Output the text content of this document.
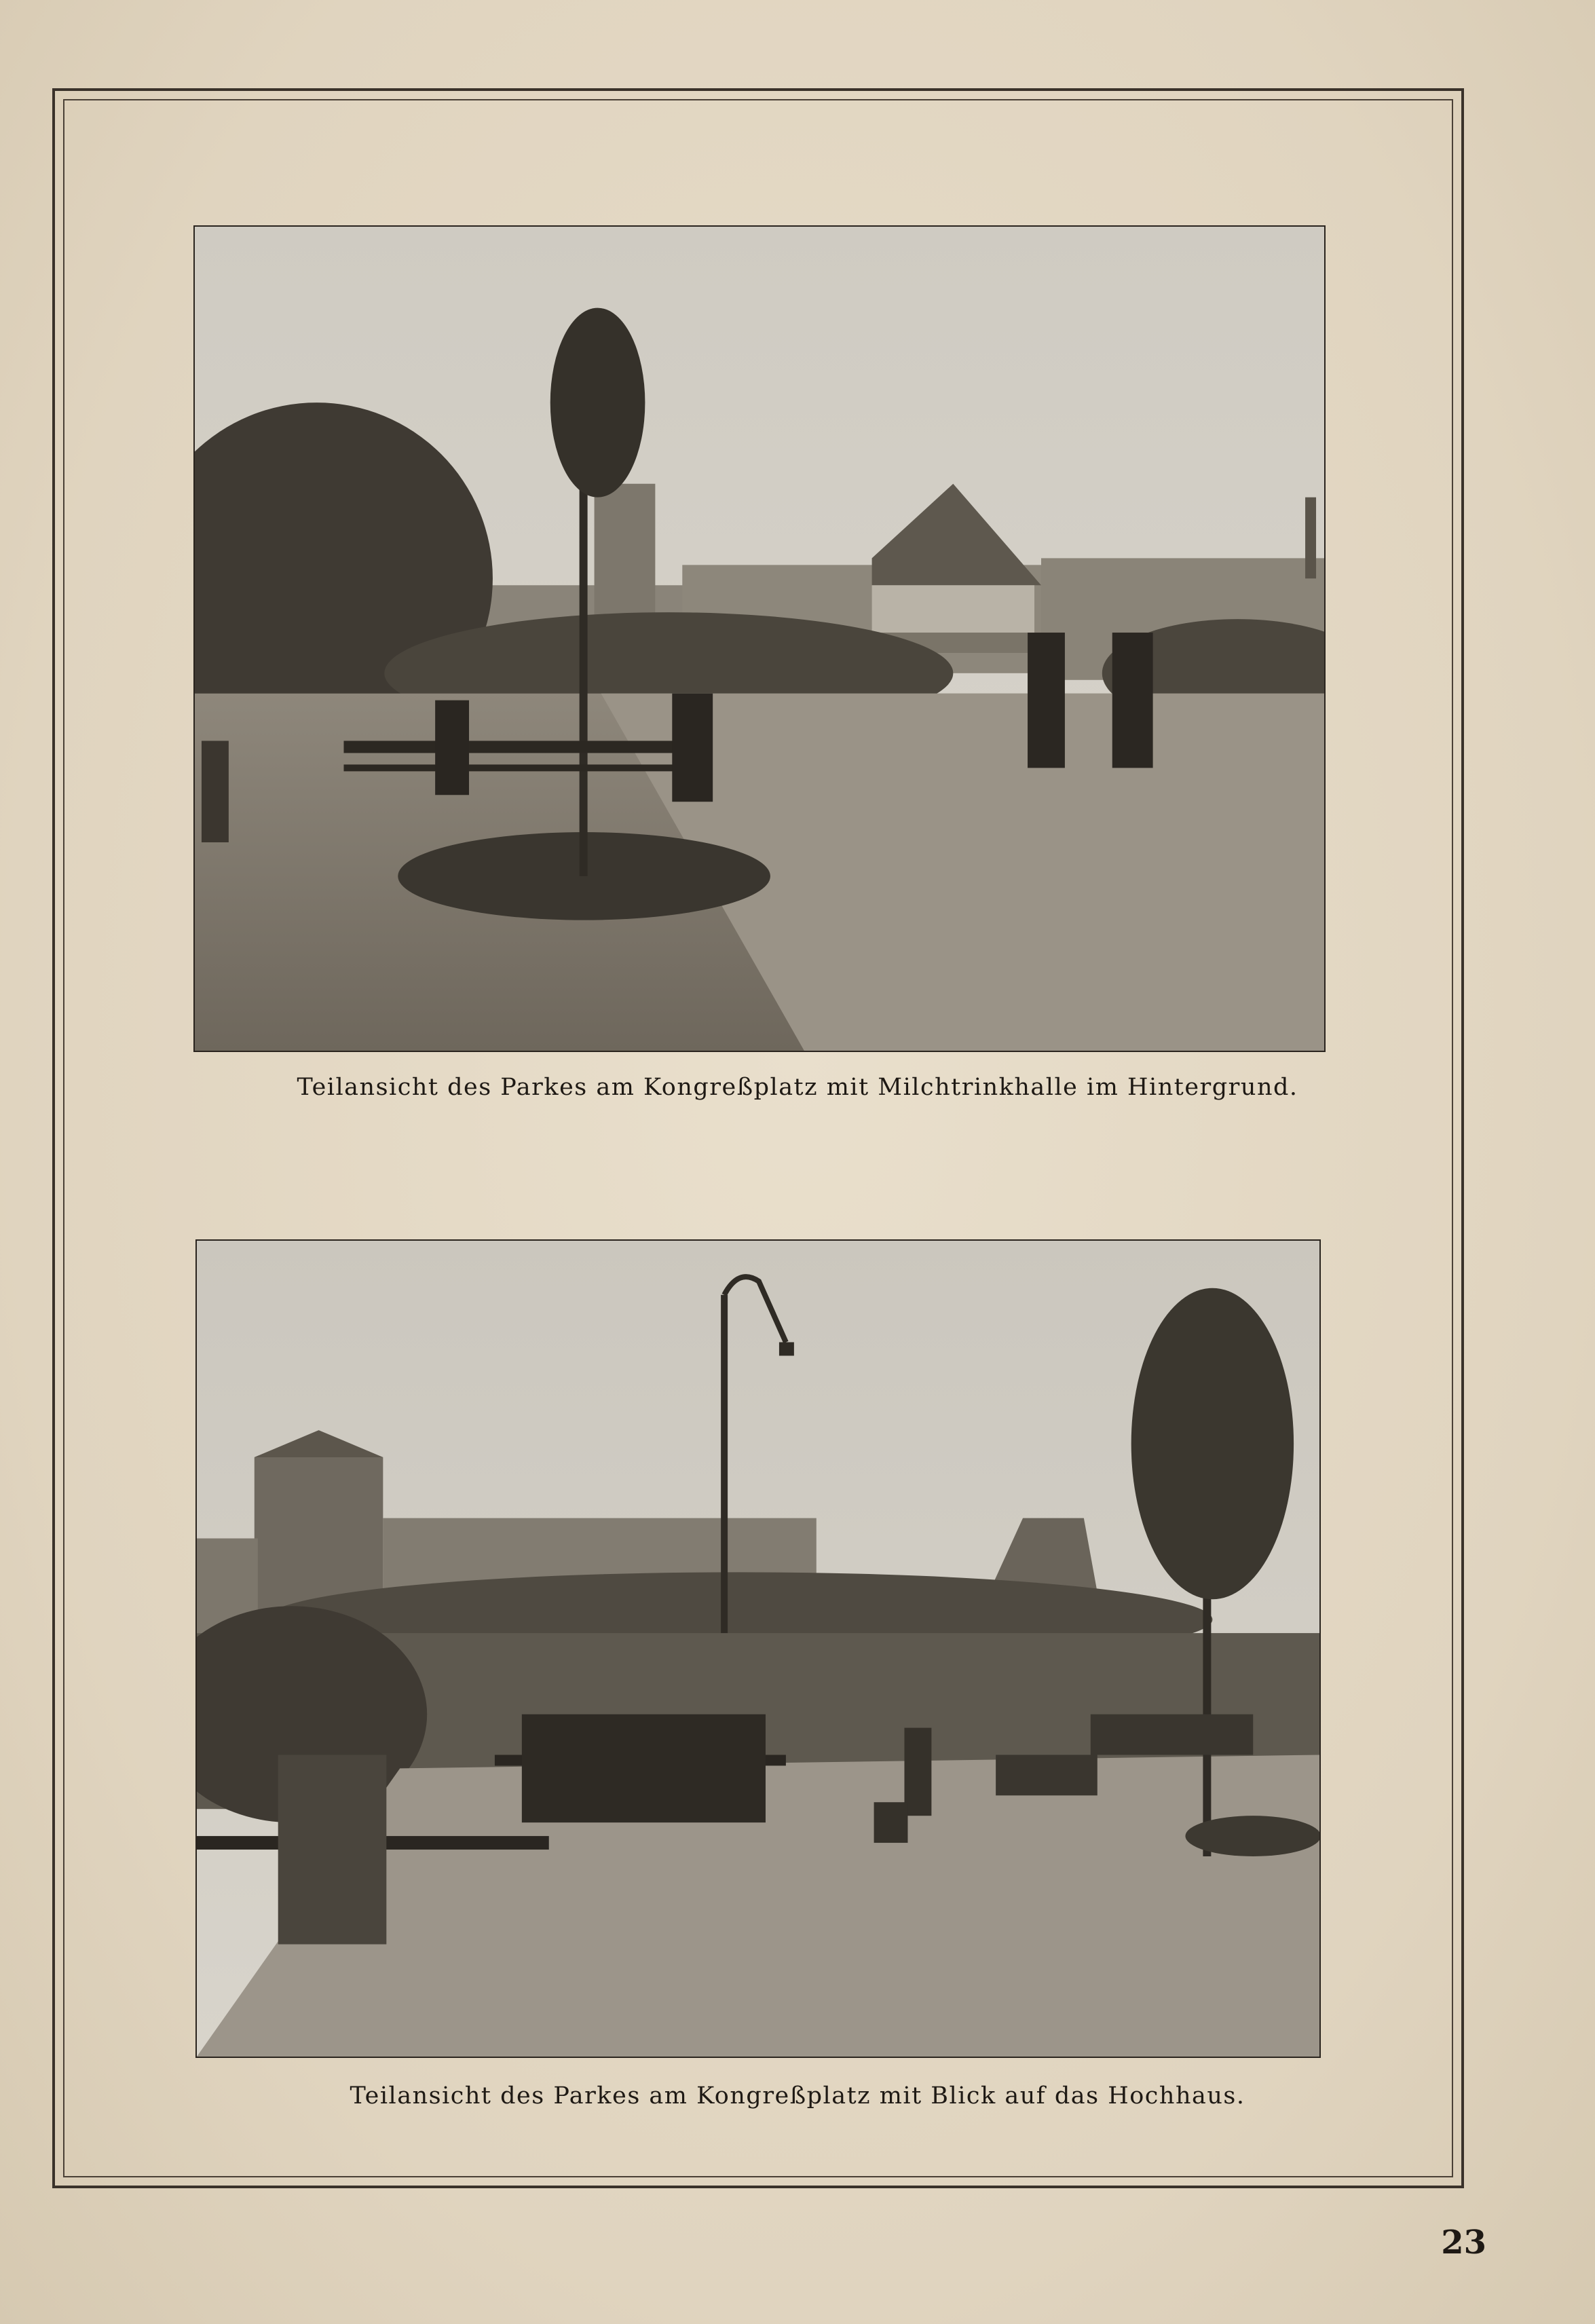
Teilansicht des Parkes am Kongreßplatz mit Milchtrinkhalle im Hintergrund.
Teilansicht des Parkes am Kongreßplatz mit Blick auf das Hochhaus.
23
